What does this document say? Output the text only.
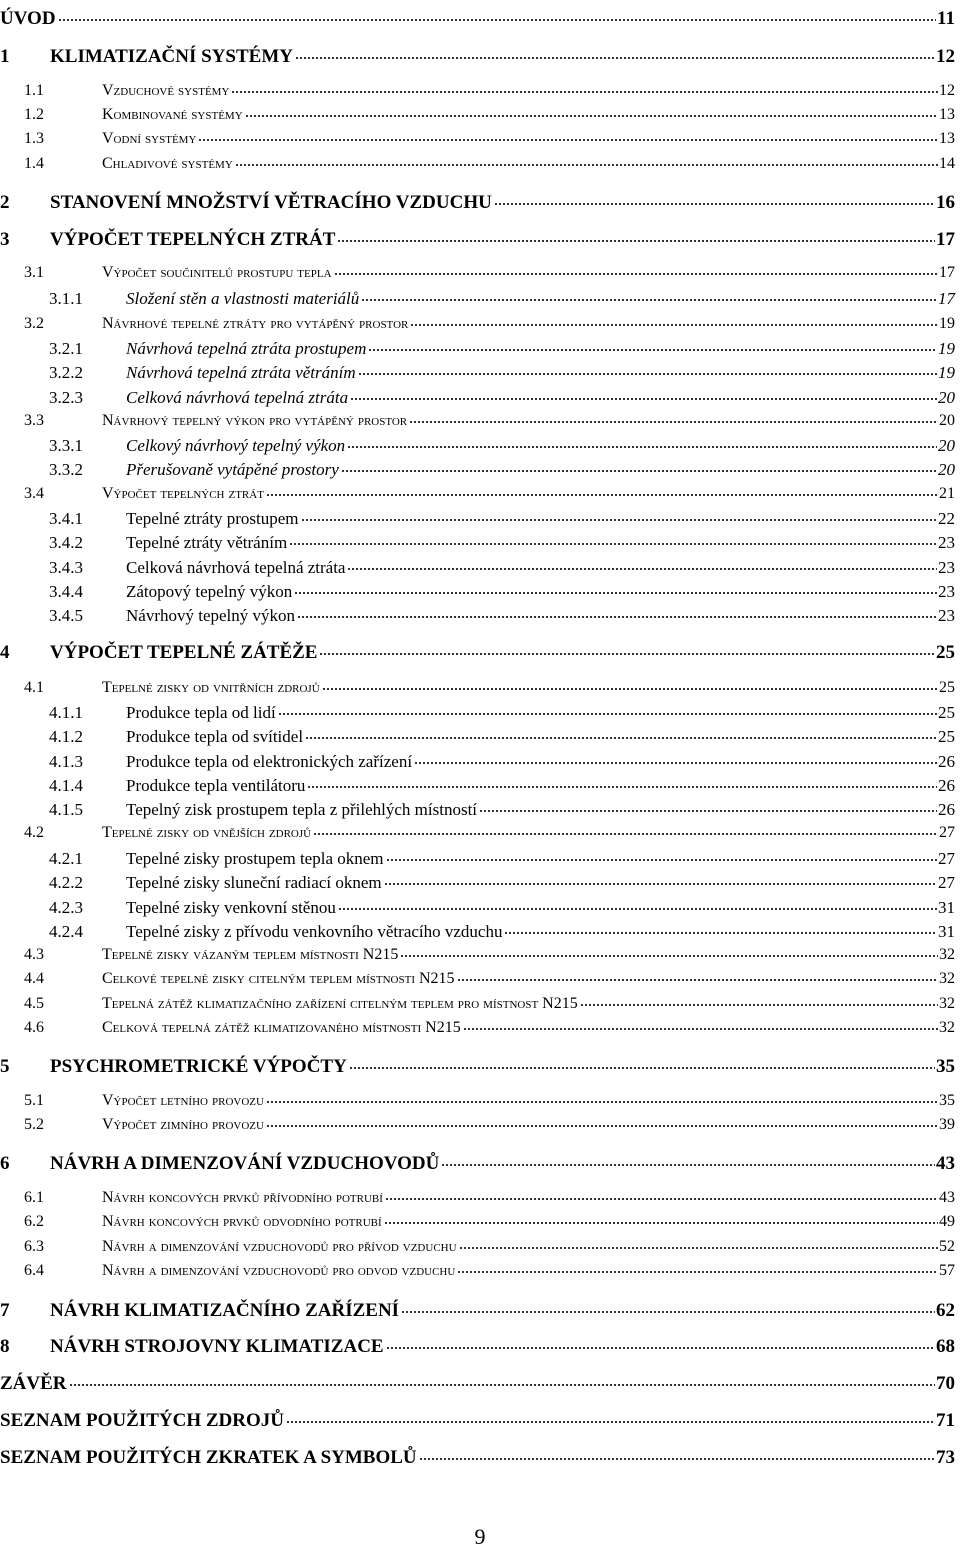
ÚVOD	11
1	KLIMATIZAČNÍ SYSTÉMY	12
1.1	Vzduchové systémy	12
1.2	Kombinované systémy	13
1.3	Vodní systémy	13
1.4	Chladivové systémy	14
2	STANOVENÍ MNOŽSTVÍ VĚTRACÍHO VZDUCHU	16
3	VÝPOČET TEPELNÝCH ZTRÁT	17
3.1	Výpočet součinitelů prostupu tepla	17
3.1.1	Složení stěn a vlastnosti materiálů	17
3.2	Návrhové tepelné ztráty pro vytápěný prostor	19
3.2.1	Návrhová tepelná ztráta prostupem	19
3.2.2	Návrhová tepelná ztráta větráním	19
3.2.3	Celková návrhová tepelná ztráta	20
3.3	Návrhový tepelný výkon pro vytápěný prostor	20
3.3.1	Celkový návrhový tepelný výkon	20
3.3.2	Přerušovaně vytápěné prostory	20
3.4	Výpočet tepelných ztrát	21
3.4.1	Tepelné ztráty prostupem	22
3.4.2	Tepelné ztráty větráním	23
3.4.3	Celková návrhová tepelná ztráta	23
3.4.4	Zátopový tepelný výkon	23
3.4.5	Návrhový tepelný výkon	23
4	VÝPOČET TEPELNÉ ZÁTĚŽE	25
4.1	Tepelné zisky od vnitřních zdrojů	25
4.1.1	Produkce tepla od lidí	25
4.1.2	Produkce tepla od svítidel	25
4.1.3	Produkce tepla od elektronických zařízení	26
4.1.4	Produkce tepla ventilátoru	26
4.1.5	Tepelný zisk prostupem tepla z přilehlých místností	26
4.2	Tepelné zisky od vnějších zdrojů	27
4.2.1	Tepelné zisky prostupem tepla oknem	27
4.2.2	Tepelné zisky sluneční radiací oknem	27
4.2.3	Tepelné zisky venkovní stěnou	31
4.2.4	Tepelné zisky z přívodu venkovního větracího vzduchu	31
4.3	Tepelné zisky vázaným teplem místnosti N215	32
4.4	Celkové tepelné zisky citelným teplem místnosti N215	32
4.5	Tepelná zátěž klimatizačního zařízení citelným teplem pro místnost N215	32
4.6	Celková tepelná zátěž klimatizovaného místnosti N215	32
5	PSYCHROMETRICKÉ VÝPOČTY	35
5.1	Výpočet letního provozu	35
5.2	Výpočet zimního provozu	39
6	NÁVRH A DIMENZOVÁNÍ VZDUCHOVODŮ	43
6.1	Návrh koncových prvků přívodního potrubí	43
6.2	Návrh koncových prvků odvodního potrubí	49
6.3	Návrh a dimenzování vzduchovodů pro přívod vzduchu	52
6.4	Návrh a dimenzování vzduchovodů pro odvod vzduchu	57
7	NÁVRH KLIMATIZAČNÍHO ZAŘÍZENÍ	62
8	NÁVRH STROJOVNY KLIMATIZACE	68
ZÁVĚR	70
SEZNAM POUŽITÝCH ZDROJŮ	71
SEZNAM POUŽITÝCH ZKRATEK A SYMBOLŮ	73
9
